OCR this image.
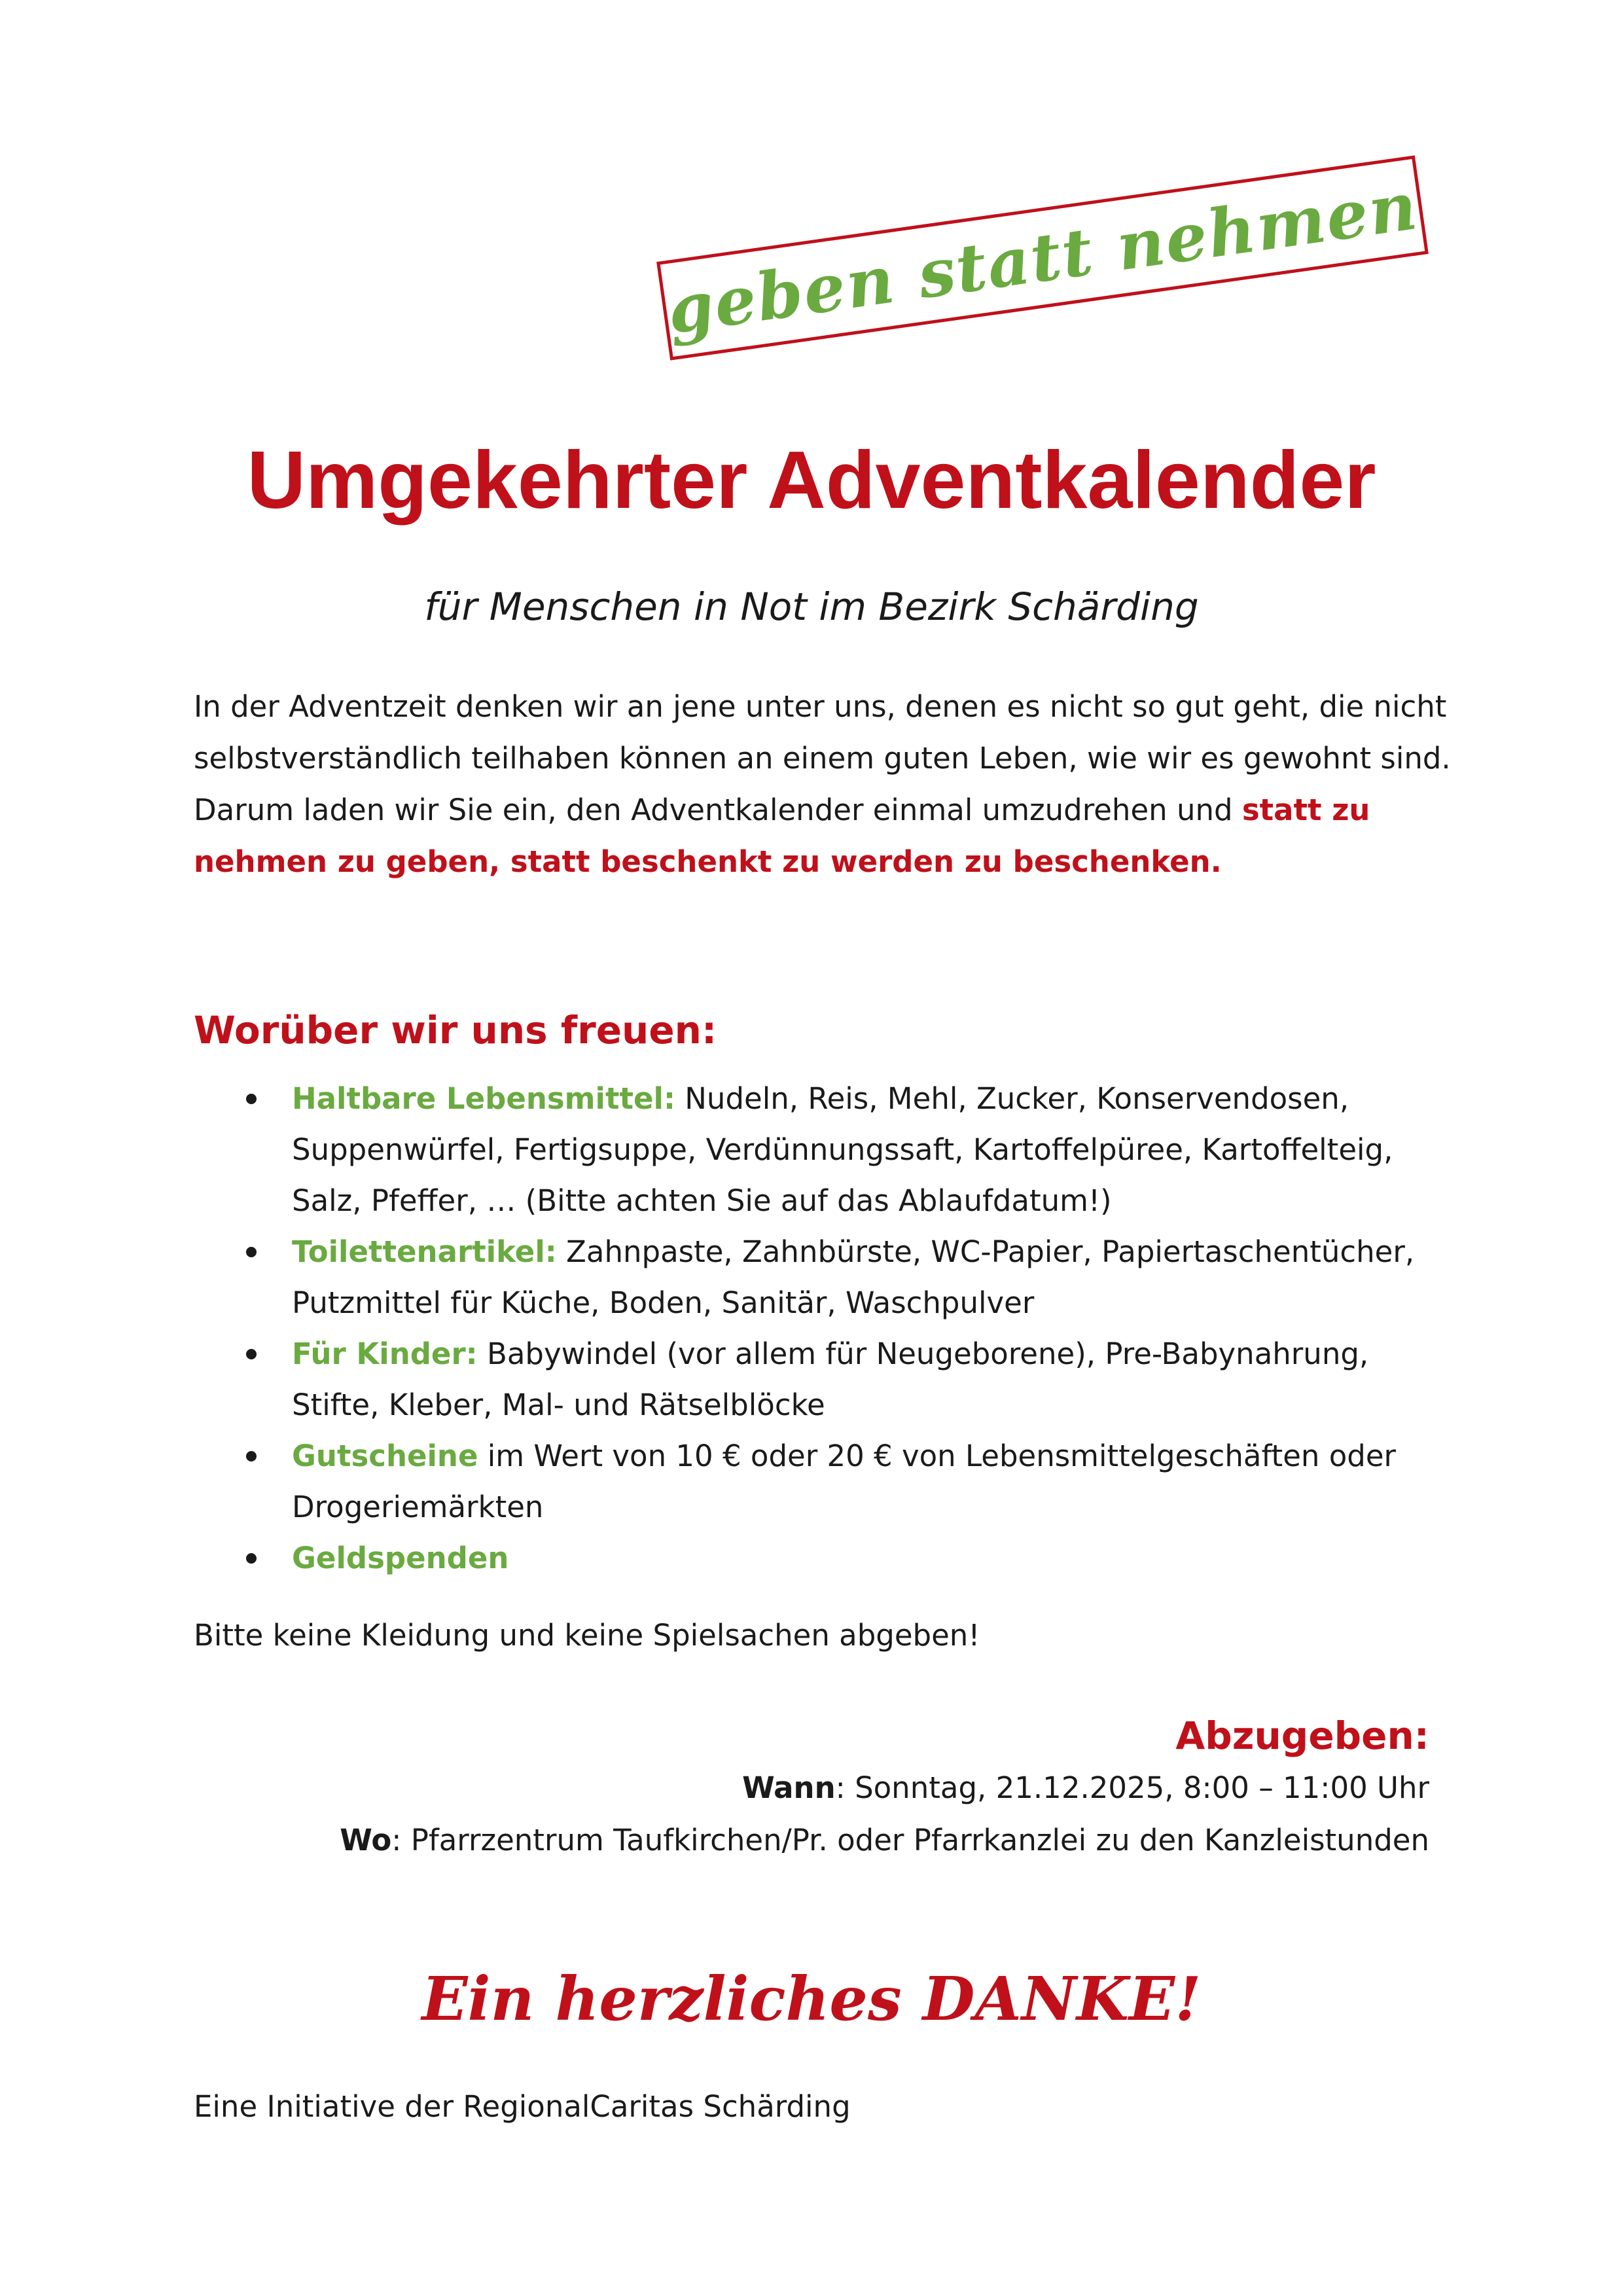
geben statt nehmen
Umgekehrter Adventkalender
für Menschen in Not im Bezirk Schärding
In der Adventzeit denken wir an jene unter uns, denen es nicht so gut geht, die nicht selbstverständlich teilhaben können an einem guten Leben, wie wir es gewohnt sind.
Darum laden wir Sie ein, den Adventkalender einmal umzudrehen und statt zu nehmen zu geben, statt beschenkt zu werden zu beschenken.
Worüber wir uns freuen:
Haltbare Lebensmittel: Nudeln, Reis, Mehl, Zucker, Konservendosen, Suppenwürfel, Fertigsuppe, Verdünnungssaft, Kartoffelpüree, Kartoffelteig, Salz, Pfeffer, … (Bitte achten Sie auf das Ablaufdatum!)
Toilettenartikel: Zahnpaste, Zahnbürste, WC-Papier, Papiertaschentücher, Putzmittel für Küche, Boden, Sanitär, Waschpulver
Für Kinder: Babywindel (vor allem für Neugeborene), Pre-Babynahrung, Stifte, Kleber, Mal- und Rätselblöcke
Gutscheine im Wert von 10 € oder 20 € von Lebensmittelgeschäften oder Drogeriemärkten
Geldspenden
Bitte keine Kleidung und keine Spielsachen abgeben!
Abzugeben:
Wann: Sonntag, 21.12.2025, 8:00 – 11:00 Uhr
Wo: Pfarrzentrum Taufkirchen/Pr. oder Pfarrkanzlei zu den Kanzleistunden
Ein herzliches DANKE!
Eine Initiative der RegionalCaritas Schärding
